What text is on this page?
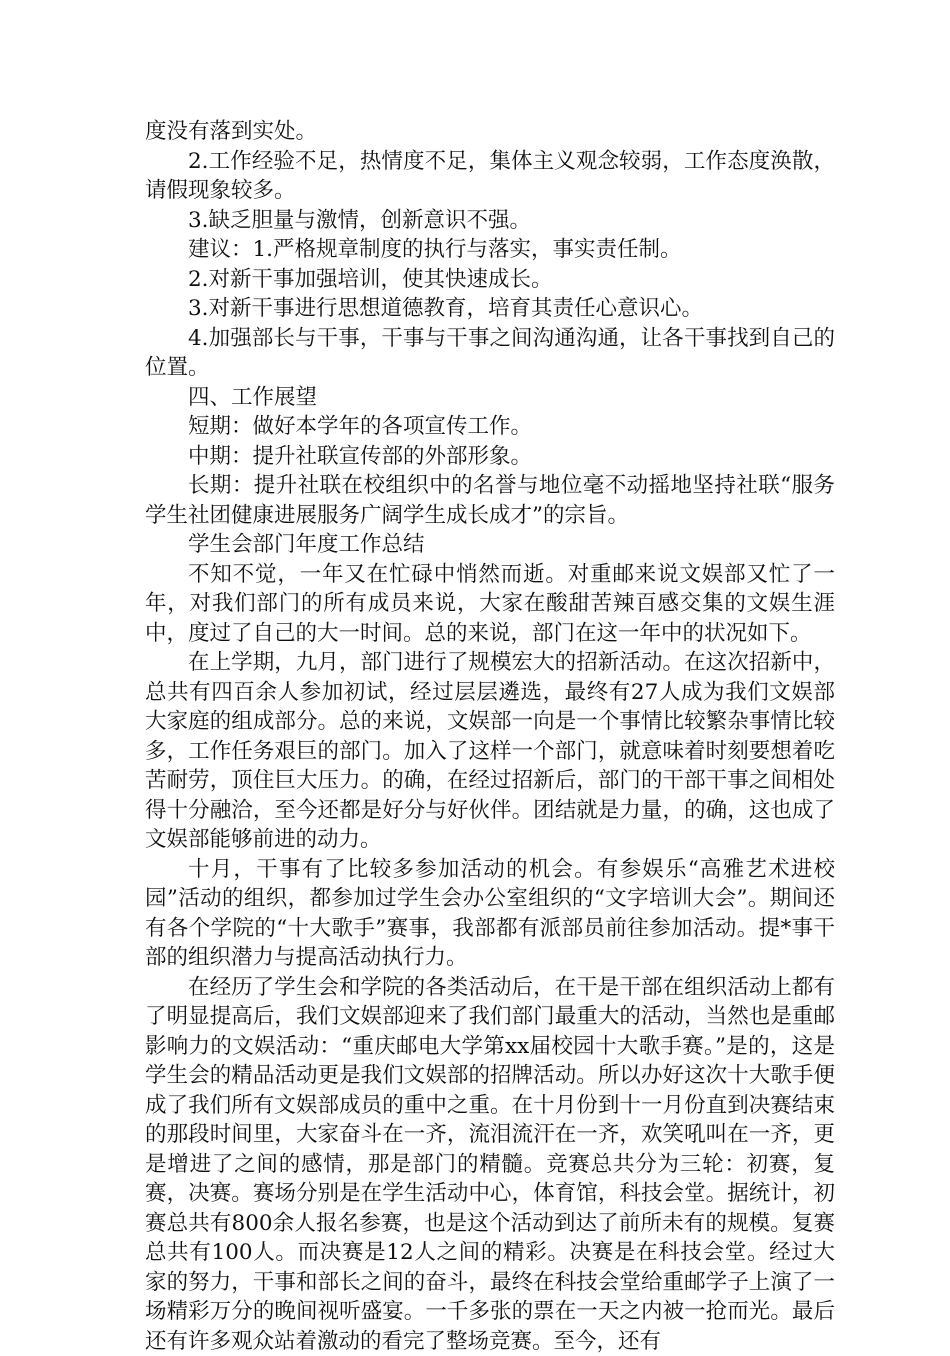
度没有落到实处。

2.工作经验不足，热情度不足，集体主义观念较弱，工作态度涣散，请假现象较多。

3.缺乏胆量与激情，创新意识不强。

建议：1.严格规章制度的执行与落实，事实责任制。

2.对新干事加强培训，使其快速成长。

3.对新干事进行思想道德教育，培育其责任心意识心。

4.加强部长与干事，干事与干事之间沟通沟通，让各干事找到自己的位置。

四、工作展望

短期：做好本学年的各项宣传工作。

中期：提升社联宣传部的外部形象。

长期：提升社联在校组织中的名誉与地位毫不动摇地坚持社联“服务学生社团健康进展服务广阔学生成长成才”的宗旨。

学生会部门年度工作总结

不知不觉，一年又在忙碌中悄然而逝。对重邮来说文娱部又忙了一年，对我们部门的所有成员来说，大家在酸甜苦辣百感交集的文娱生涯中，度过了自己的大一时间。总的来说，部门在这一年中的状况如下。

在上学期，九月，部门进行了规模宏大的招新活动。在这次招新中，总共有四百余人参加初试，经过层层遴选，最终有27人成为我们文娱部大家庭的组成部分。总的来说，文娱部一向是一个事情比较繁杂事情比较多，工作任务艰巨的部门。加入了这样一个部门，就意味着时刻要想着吃苦耐劳，顶住巨大压力。的确，在经过招新后，部门的干部干事之间相处得十分融洽，至今还都是好分与好伙伴。团结就是力量，的确，这也成了文娱部能够前进的动力。

十月，干事有了比较多参加活动的机会。有参娱乐“高雅艺术进校园”活动的组织，都参加过学生会办公室组织的“文字培训大会”。期间还有各个学院的“十大歌手”赛事，我部都有派部员前往参加活动。提*事干部的组织潜力与提高活动执行力。

在经历了学生会和学院的各类活动后，在干是干部在组织活动上都有了明显提高后，我们文娱部迎来了我们部门最重大的活动，当然也是重邮影响力的文娱活动：“重庆邮电大学第xx届校园十大歌手赛。”是的，这是学生会的精品活动更是我们文娱部的招牌活动。所以办好这次十大歌手便成了我们所有文娱部成员的重中之重。在十月份到十一月份直到决赛结束的那段时间里，大家奋斗在一齐，流泪流汗在一齐，欢笑吼叫在一齐，更是增进了之间的感情，那是部门的精髓。竞赛总共分为三轮：初赛，复赛，决赛。赛场分别是在学生活动中心，体育馆，科技会堂。据统计，初赛总共有800余人报名参赛，也是这个活动到达了前所未有的规模。复赛总共有100人。而决赛是12人之间的精彩。决赛是在科技会堂。经过大家的努力，干事和部长之间的奋斗，最终在科技会堂给重邮学子上演了一场精彩万分的晚间视听盛宴。一千多张的票在一天之内被一抢而光。最后还有许多观众站着激动的看完了整场竞赛。至今，还有
